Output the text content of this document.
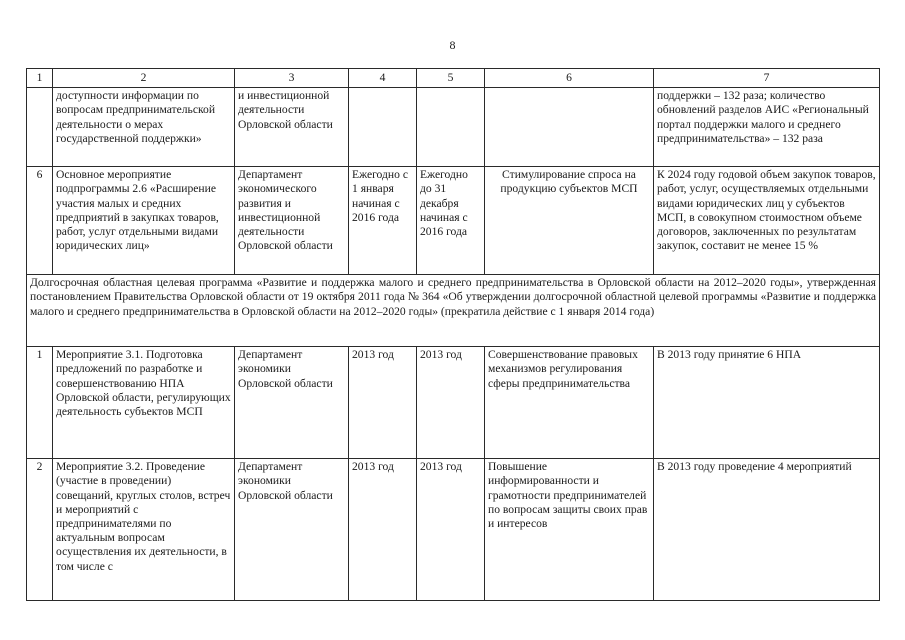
8
1	2	3	4	5	6	7
	доступности информации по вопросам предпринимательской деятельности о мерах государственной поддержки»	и инвестиционной деятельности Орловской области				поддержки – 132 раза; количество обновлений разделов АИС «Региональный портал поддержки малого и среднего предпринимательства» – 132 раза
6	Основное мероприятие подпрограммы 2.6 «Расширение участия малых и средних предприятий в закупках товаров, работ, услуг отдельными видами юридических лиц»	Департамент экономического развития и инвестиционной деятельности Орловской области	Ежегодно с 1 января начиная с 2016 года	Ежегодно до 31 декабря начиная с 2016 года	Стимулирование спроса на продукцию субъектов МСП	К 2024 году годовой объем закупок товаров, работ, услуг, осуществляемых отдельными видами юридических лиц у субъектов МСП, в совокупном стоимостном объеме договоров, заключенных по результатам закупок, составит не менее 15 %
Долгосрочная областная целевая программа «Развитие и поддержка малого и среднего предпринимательства в Орловской области на 2012–2020 годы», утвержденная постановлением Правительства Орловской области от 19 октября 2011 года № 364 «Об утверждении долгосрочной областной целевой программы «Развитие и поддержка малого и среднего предпринимательства в Орловской области на 2012–2020 годы» (прекратила действие с 1 января 2014 года)						
1	Мероприятие 3.1. Подготовка предложений по разработке и совершенствованию НПА Орловской области, регулирующих деятельность субъектов МСП	Департамент экономики Орловской области	2013 год	2013 год	Совершенствование правовых механизмов регулирования сферы предпринимательства	В 2013 году принятие 6 НПА
2	Мероприятие 3.2. Проведение (участие в проведении) совещаний, круглых столов, встреч и мероприятий с предпринимателями по актуальным вопросам осуществления их деятельности, в том числе с	Департамент экономики Орловской области	2013 год	2013 год	Повышение информированности и грамотности предпринимателей по вопросам защиты своих прав и интересов	В 2013 году проведение 4 мероприятий
